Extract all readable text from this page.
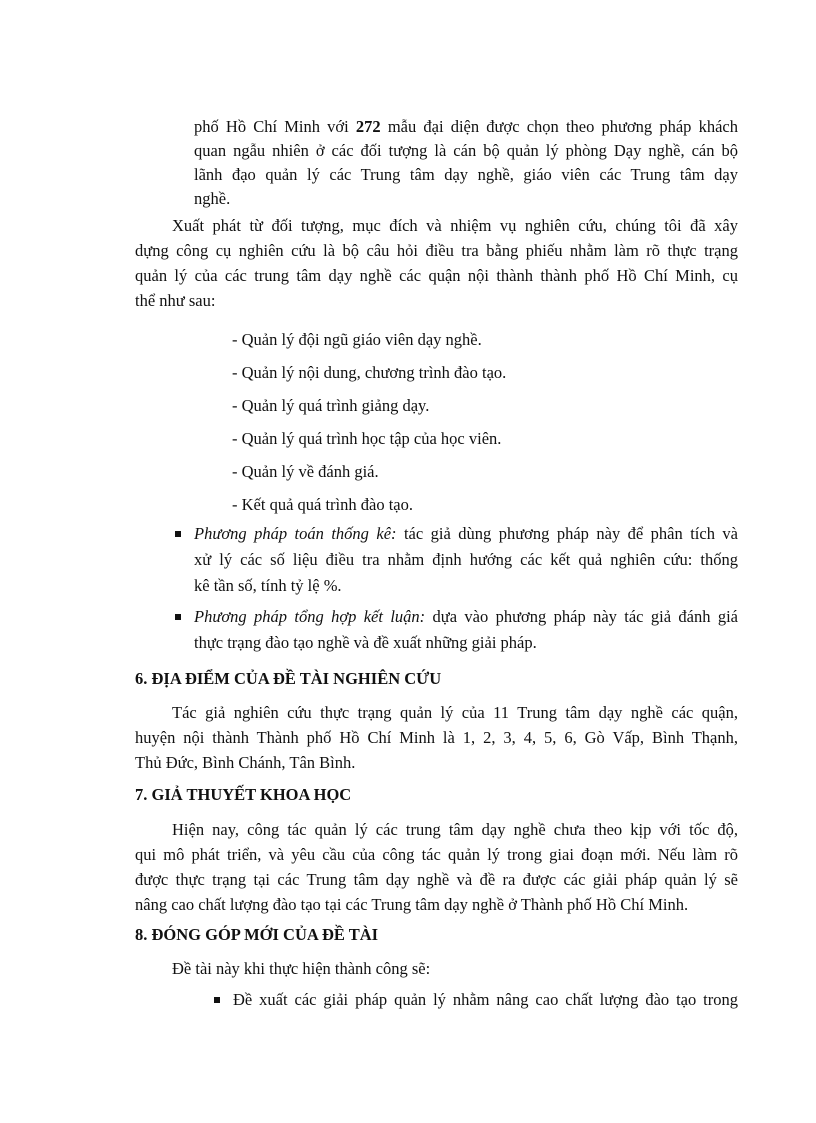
phố Hồ Chí Minh với 272 mẫu đại diện được chọn theo phương pháp khách
quan ngẫu nhiên ở các đối tượng là cán bộ quản lý phòng Dạy nghề, cán bộ
lãnh đạo quản lý các Trung tâm dạy nghề, giáo viên các Trung tâm dạy
nghề.
Xuất phát từ đối tượng, mục đích và nhiệm vụ nghiên cứu, chúng tôi đã xây
dựng công cụ nghiên cứu là bộ câu hỏi điều tra bằng phiếu nhằm làm rõ thực trạng
quản lý của các trung tâm dạy nghề các quận nội thành thành phố Hồ Chí Minh, cụ
thể như sau:
- Quản lý đội ngũ giáo viên dạy nghề.
- Quản lý nội dung, chương trình đào tạo.
- Quản lý quá trình giảng dạy.
- Quản lý quá trình học tập của học viên.
- Quản lý về đánh giá.
- Kết quả quá trình đào tạo.
Phương pháp toán thống kê: tác giả dùng phương pháp này để phân tích và
xử lý các số liệu điều tra nhằm định hướng các kết quả nghiên cứu: thống
kê tần số, tính tỷ lệ %.
Phương pháp tổng hợp kết luận: dựa vào phương pháp này tác giả đánh giá
thực trạng đào tạo nghề và đề xuất những giải pháp.
6. ĐỊA ĐIỂM CỦA ĐỀ TÀI NGHIÊN CỨU
Tác giả nghiên cứu thực trạng quản lý của 11 Trung tâm dạy nghề các quận,
huyện nội thành Thành phố Hồ Chí Minh là 1, 2, 3, 4, 5, 6, Gò Vấp, Bình Thạnh,
Thủ Đức, Bình Chánh, Tân Bình.
7. GIẢ THUYẾT KHOA HỌC
Hiện nay, công tác quản lý các trung tâm dạy nghề chưa theo kịp với tốc độ,
qui mô phát triển, và yêu cầu của công tác quản lý trong giai đoạn mới. Nếu làm rõ
được thực trạng tại các Trung tâm dạy nghề và đề ra được các giải pháp quản lý sẽ
nâng cao chất lượng đào tạo tại các Trung tâm dạy nghề ở Thành phố Hồ Chí Minh.
8. ĐÓNG GÓP MỚI CỦA ĐỀ TÀI
Đề tài này khi thực hiện thành công sẽ:
Đề xuất các giải pháp quản lý nhằm nâng cao chất lượng đào tạo trong
